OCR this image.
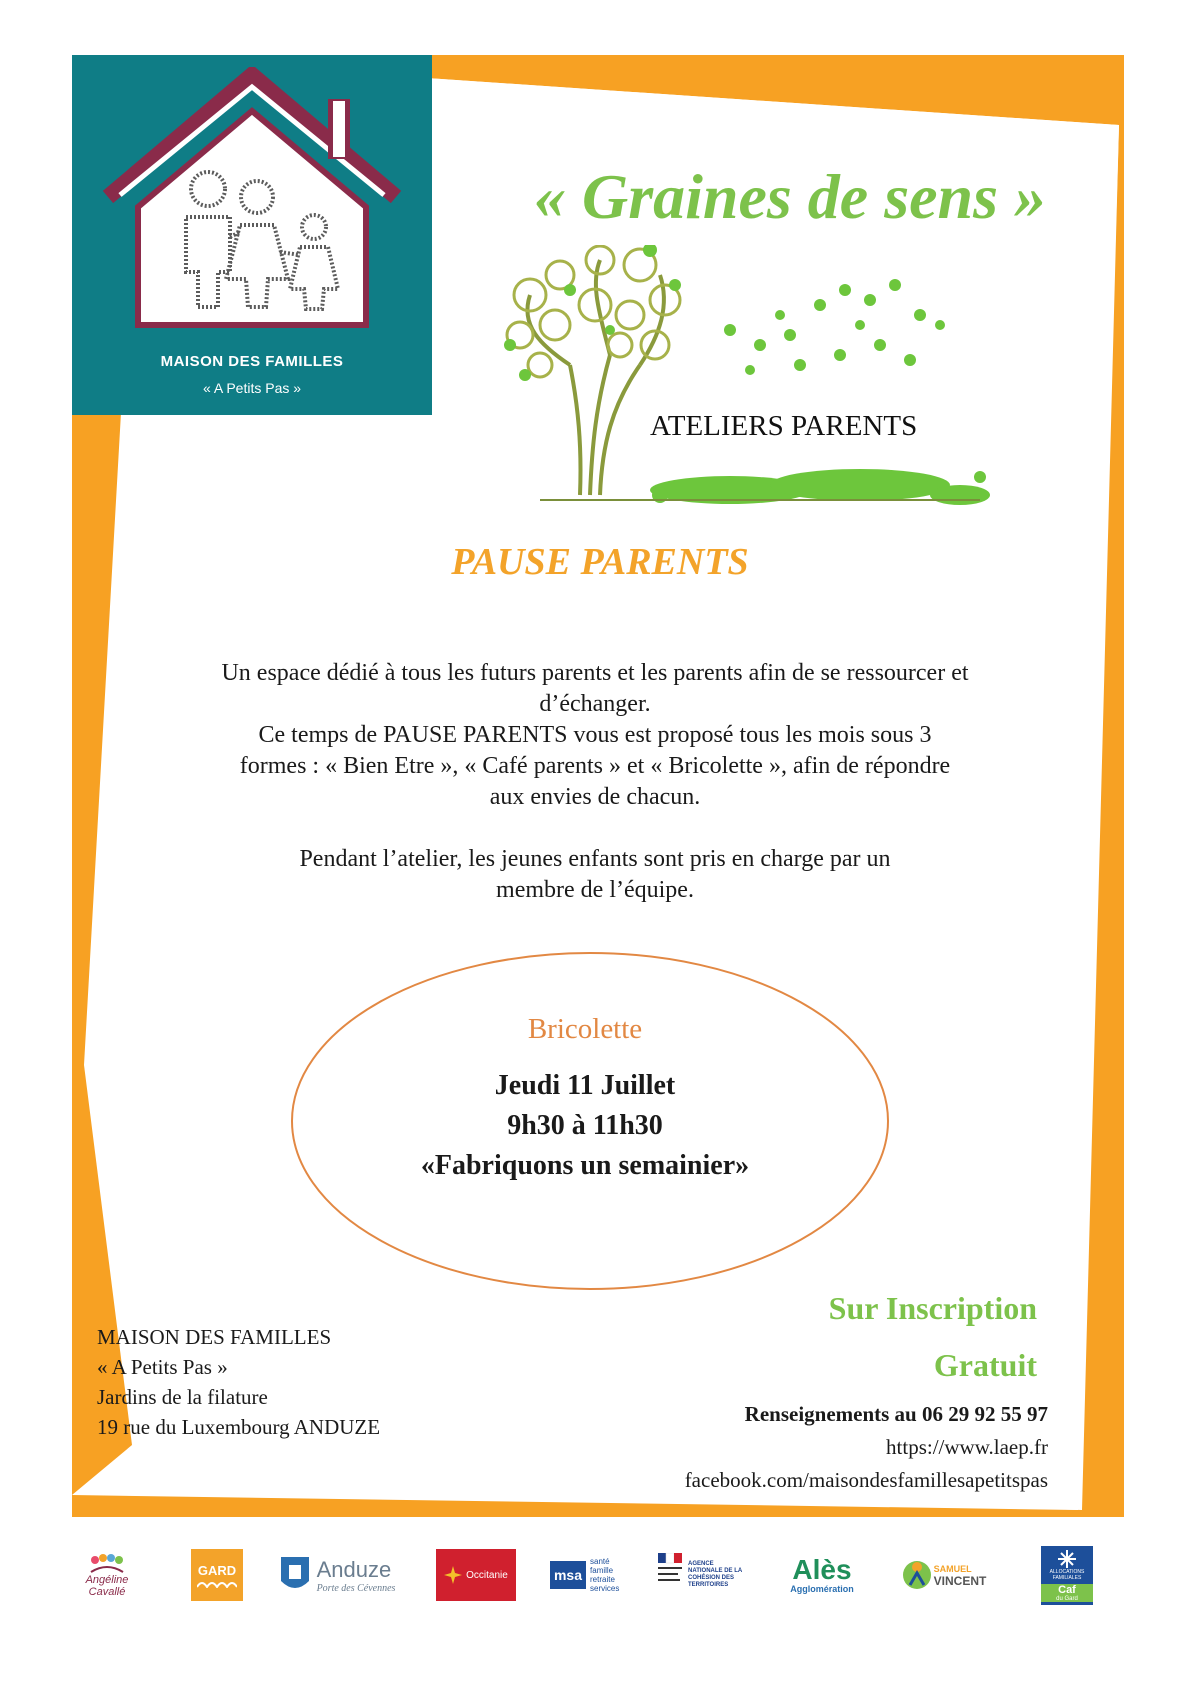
MAISON DES FAMILLES
« A Petits Pas »
« Graines de sens »
ATELIERS PARENTS
PAUSE PARENTS

Un espace dédié à tous les futurs parents et les parents afin de se ressourcer et

d’échanger.

Ce temps de PAUSE PARENTS vous est proposé tous les mois sous 3

formes : « Bien Etre », « Café parents » et « Bricolette », afin de répondre

aux envies de chacun.

Pendant l’atelier, les jeunes enfants sont pris en charge par un

membre de l’équipe.

Bricolette
Jeudi 11 Juillet
9h30 à 11h30
«Fabriquons un semainier»
Sur Inscription
Gratuit
MAISON DES FAMILLES
« A Petits Pas »
Jardins de la filature
19 rue du Luxembourg ANDUZE
Renseignements au 06 29 92 55 97
https://www.laep.fr
facebook.com/maisondesfamillesapetitspas
Angéline
Cavallé
GARD	Anduze
Porte des Cévennes
Occitanie	msa
santé famille retraite services
AGENCE NATIONALE DE LA COHÉSION DES TERRITOIRES	Alès
Agglomération
SAMUEL
VINCENT
ALLOCATIONS FAMILIALES
Caf
du Gard
